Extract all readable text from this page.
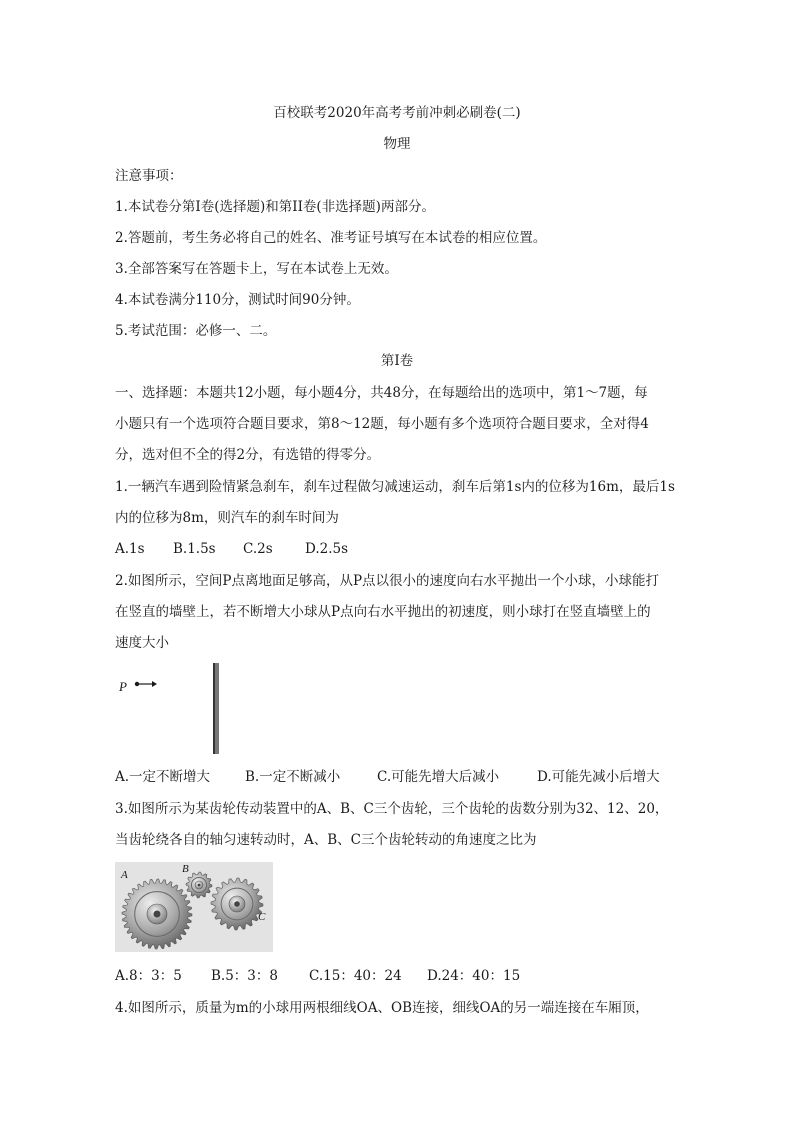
百校联考2020年高考考前冲刺必刷卷(二)
物理
注意事项：
1.本试卷分第I卷(选择题)和第II卷(非选择题)两部分。
2.答题前，考生务必将自己的姓名、准考证号填写在本试卷的相应位置。
3.全部答案写在答题卡上，写在本试卷上无效。
4.本试卷满分110分，测试时间90分钟。
5.考试范围：必修一、二。
第I卷
一、选择题：本题共12小题，每小题4分，共48分，在每题给出的选项中，第1～7题，每
小题只有一个选项符合题目要求，第8～12题，每小题有多个选项符合题目要求，全对得4
分，选对但不全的得2分，有选错的得零分。
1.一辆汽车遇到险情紧急刹车，刹车过程做匀减速运动，刹车后第1s内的位移为16m，最后1s
内的位移为8m，则汽车的刹车时间为
A.1s B.1.5s C.2s D.2.5s
2.如图所示，空间P点离地面足够高，从P点以很小的速度向右水平抛出一个小球，小球能打
在竖直的墙壁上，若不断增大小球从P点向右水平抛出的初速度，则小球打在竖直墙壁上的
速度大小
P
A.一定不断增大	B.一定不断减小	C.可能先增大后减小	D.可能先减小后增大
3.如图所示为某齿轮传动装置中的A、B、C三个齿轮，三个齿轮的齿数分别为32、12、20，
当齿轮绕各自的轴匀速转动时，A、B、C三个齿轮转动的角速度之比为
A	B
C
A.8：3：5 B.5：3：8 C.15：40：24 D.24：40：15
4.如图所示，质量为m的小球用两根细线OA、OB连接，细线OA的另一端连接在车厢顶，
